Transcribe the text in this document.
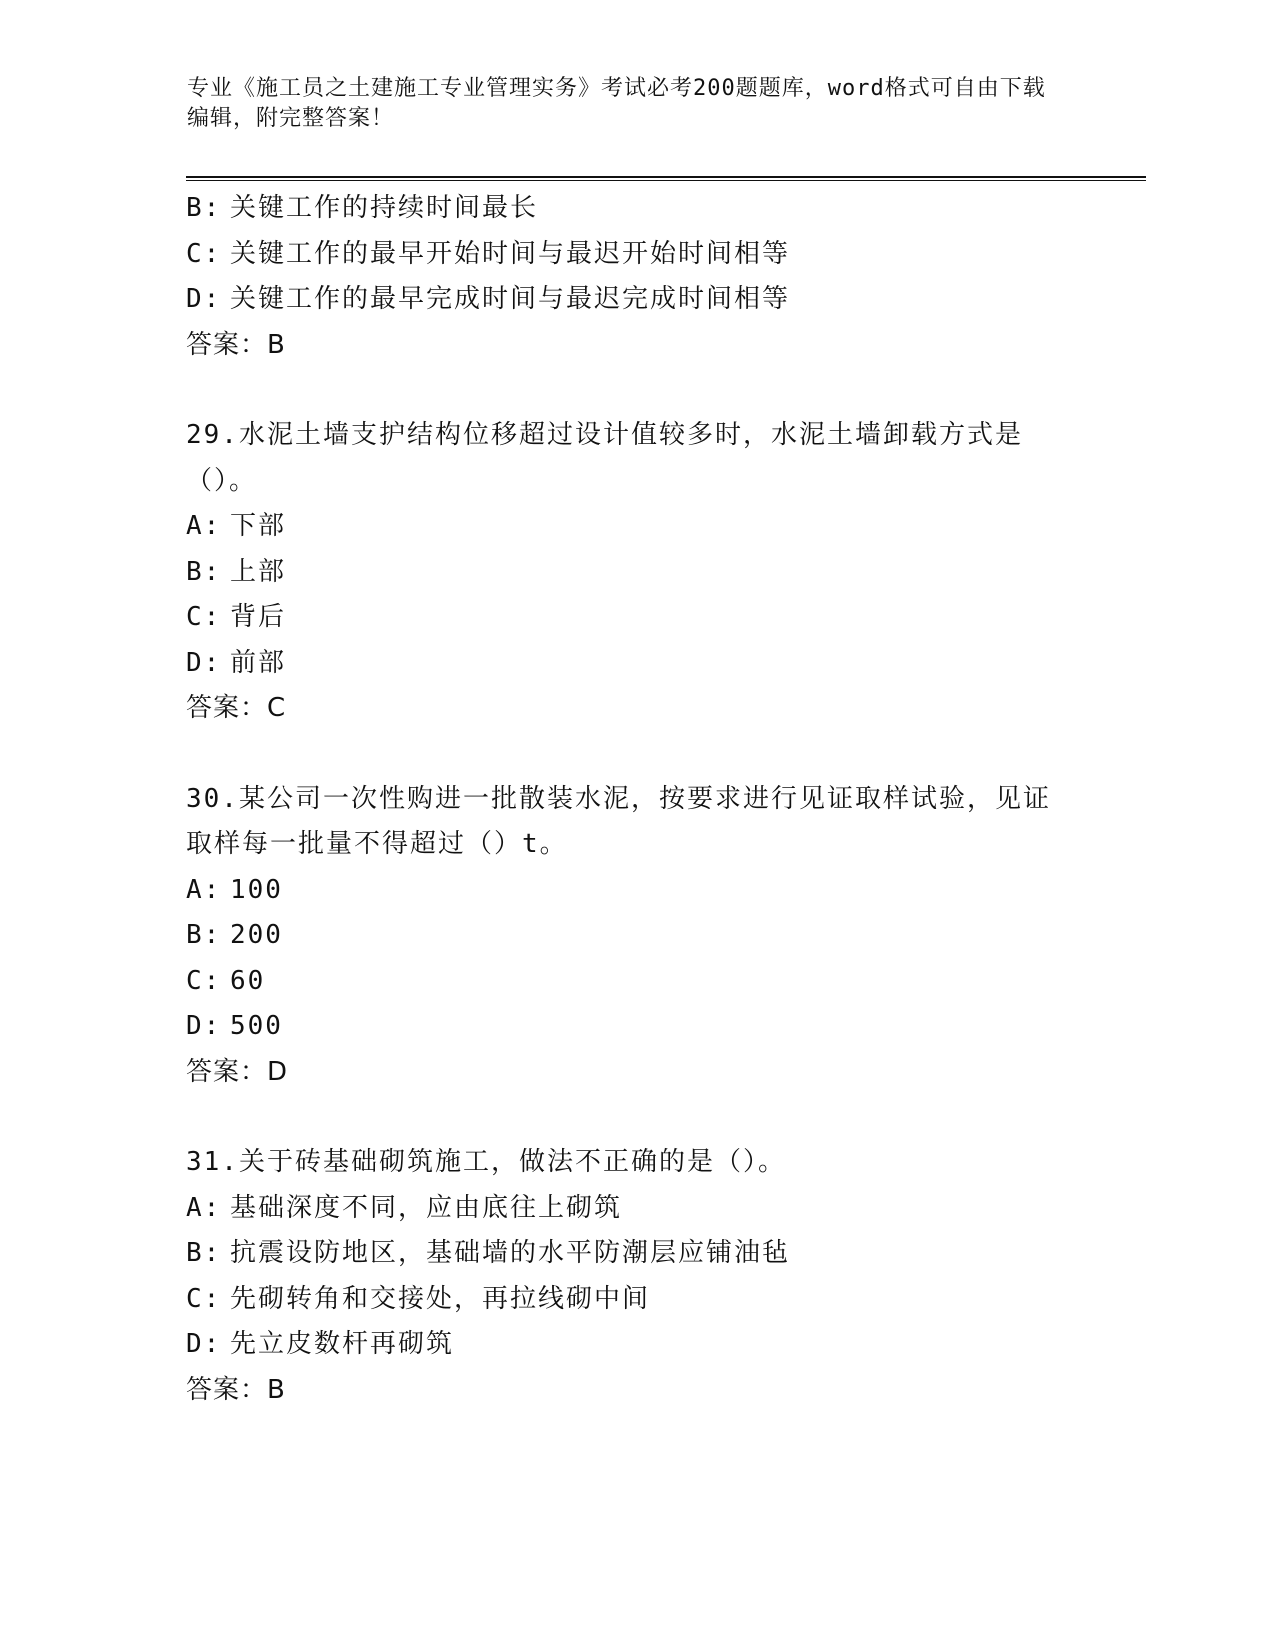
专业《施工员之土建施工专业管理实务》考试必考200题题库，word格式可自由下载编辑，附完整答案！
B: 关键工作的持续时间最长
C: 关键工作的最早开始时间与最迟开始时间相等
D: 关键工作的最早完成时间与最迟完成时间相等
答案：B
29.水泥土墙支护结构位移超过设计值较多时，水泥土墙卸载方式是（）。
A: 下部
B: 上部
C: 背后
D: 前部
答案：C
30.某公司一次性购进一批散装水泥，按要求进行见证取样试验，见证取样每一批量不得超过（）t。
A: 100
B: 200
C: 60
D: 500
答案：D
31.关于砖基础砌筑施工，做法不正确的是（）。
A: 基础深度不同，应由底往上砌筑
B: 抗震设防地区，基础墙的水平防潮层应铺油毡
C: 先砌转角和交接处，再拉线砌中间
D: 先立皮数杆再砌筑
答案：B
